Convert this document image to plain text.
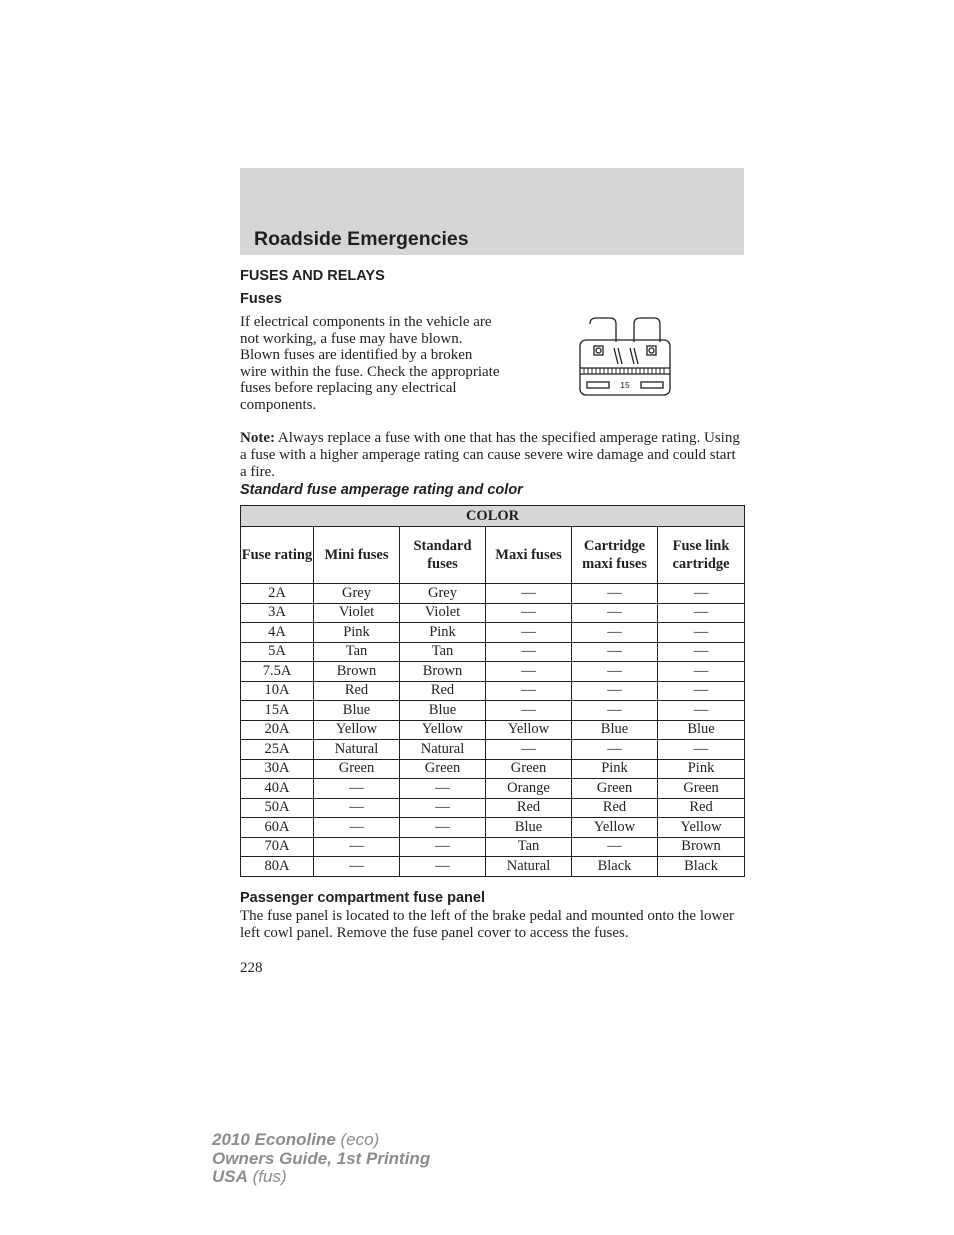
Roadside Emergencies
FUSES AND RELAYS
Fuses

If electrical components in the vehicle are not working, a fuse may have blown. Blown fuses are identified by a broken wire within the fuse. Check the appropriate fuses before replacing any electrical components.

15

Note: Always replace a fuse with one that has the specified amperage rating. Using a fuse with a higher amperage rating can cause severe wire damage and could start a fire.

Standard fuse amperage rating and color
COLOR					
Fuse rating	Mini fuses	Standard fuses	Maxi fuses	Cartridge maxi fuses	Fuse link cartridge
2A	Grey	Grey	—	—	—
3A	Violet	Violet	—	—	—
4A	Pink	Pink	—	—	—
5A	Tan	Tan	—	—	—
7.5A	Brown	Brown	—	—	—
10A	Red	Red	—	—	—
15A	Blue	Blue	—	—	—
20A	Yellow	Yellow	Yellow	Blue	Blue
25A	Natural	Natural	—	—	—
30A	Green	Green	Green	Pink	Pink
40A	—	—	Orange	Green	Green
50A	—	—	Red	Red	Red
60A	—	—	Blue	Yellow	Yellow
70A	—	—	Tan	—	Brown
80A	—	—	Natural	Black	Black
Passenger compartment fuse panel

The fuse panel is located to the left of the brake pedal and mounted onto the lower left cowl panel. Remove the fuse panel cover to access the fuses.

228
2010 Econoline (eco)
Owners Guide, 1st Printing
USA (fus)
